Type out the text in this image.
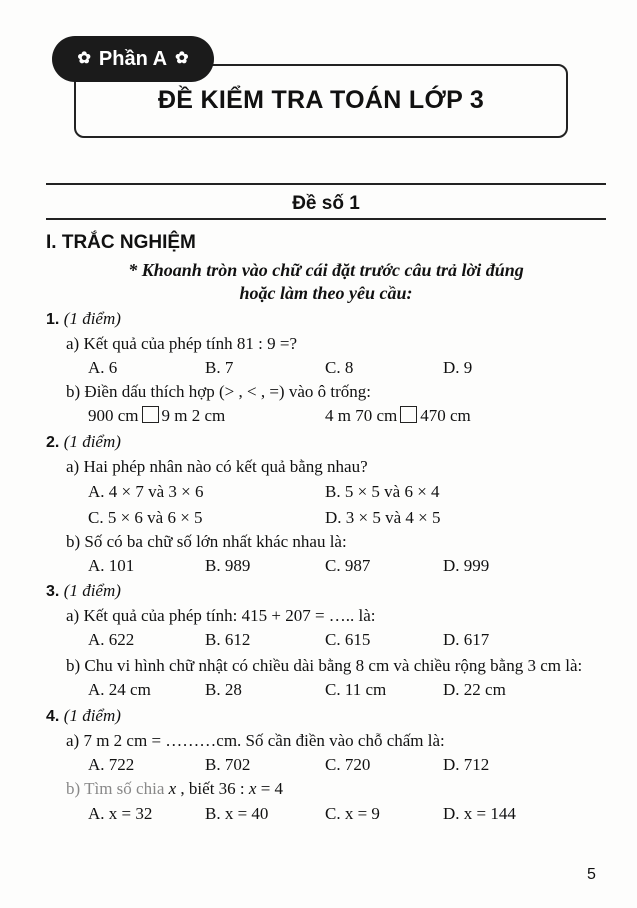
✿ Phần A ✿
ĐỀ KIỂM TRA TOÁN LỚP 3
Đề số 1
I. TRẮC NGHIỆM
* Khoanh tròn vào chữ cái đặt trước câu trả lời đúng
hoặc làm theo yêu cầu:
1. (1 điểm)
a) Kết quả của phép tính 81 : 9 =?
A. 6	B. 7	C. 8	D. 9
b) Điền dấu thích hợp (> , < , =) vào ô trống:
900 cm 9 m 2 cm	4 m 70 cm 470 cm
2. (1 điểm)
a) Hai phép nhân nào có kết quả bằng nhau?
A. 4 × 7 và 3 × 6	B. 5 × 5 và 6 × 4
C. 5 × 6 và 6 × 5	D. 3 × 5 và 4 × 5
b) Số có ba chữ số lớn nhất khác nhau là:
A. 101	B. 989	C. 987	D. 999
3. (1 điểm)
a) Kết quả của phép tính: 415 + 207 = ….. là:
A. 622	B. 612	C. 615	D. 617
b) Chu vi hình chữ nhật có chiều dài bằng 8 cm và chiều rộng bằng 3 cm là:
A. 24 cm	B. 28	C. 11 cm	D. 22 cm
4. (1 điểm)
a) 7 m 2 cm = ………cm. Số cần điền vào chỗ chấm là:
A. 722	B. 702	C. 720	D. 712
b) Tìm số chia x , biết 36 : x = 4
A. x = 32	B. x = 40	C. x = 9	D. x = 144
5
